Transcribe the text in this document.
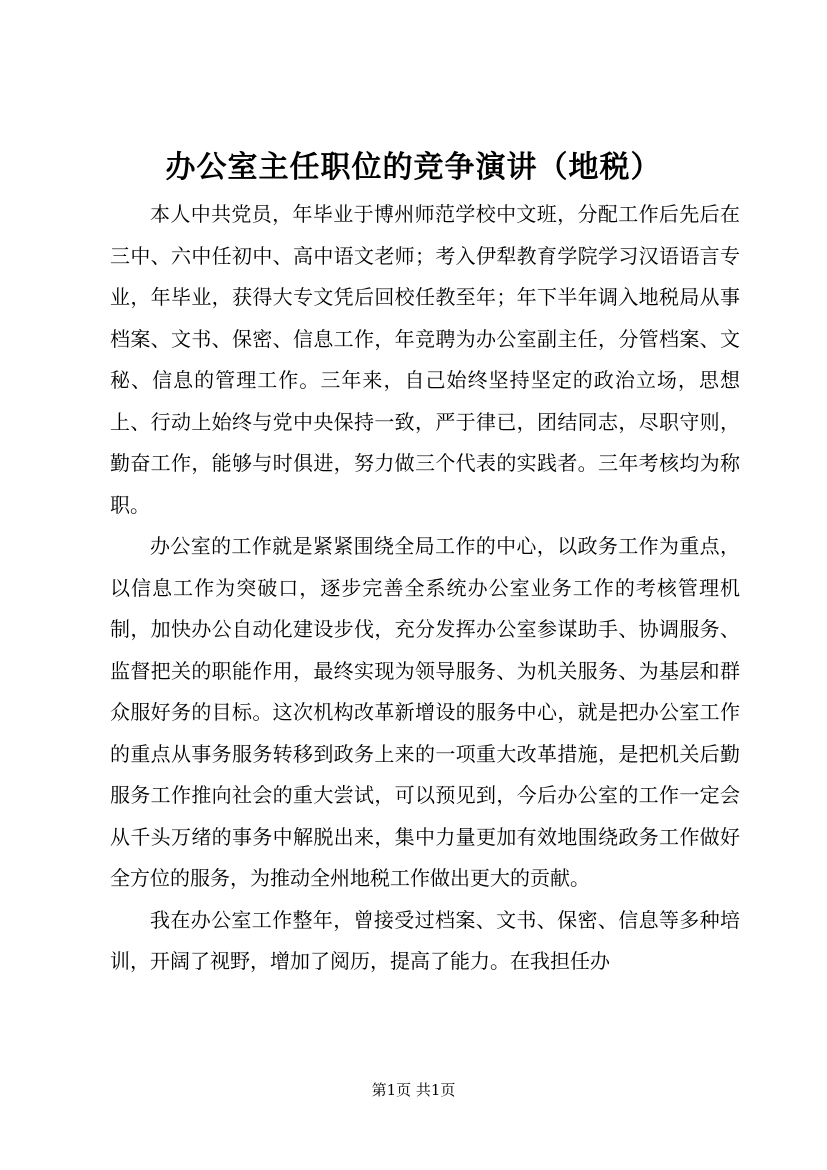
办公室主任职位的竞争演讲（地税）

本人中共党员，年毕业于博州师范学校中文班，分配工作后先后在三中、六中任初中、高中语文老师；考入伊犁教育学院学习汉语语言专业，年毕业，获得大专文凭后回校任教至年；年下半年调入地税局从事档案、文书、保密、信息工作，年竞聘为办公室副主任，分管档案、文秘、信息的管理工作。三年来，自己始终坚持坚定的政治立场，思想上、行动上始终与党中央保持一致，严于律已，团结同志，尽职守则，勤奋工作，能够与时俱进，努力做三个代表的实践者。三年考核均为称职。

办公室的工作就是紧紧围绕全局工作的中心，以政务工作为重点，以信息工作为突破口，逐步完善全系统办公室业务工作的考核管理机制，加快办公自动化建设步伐，充分发挥办公室参谋助手、协调服务、监督把关的职能作用，最终实现为领导服务、为机关服务、为基层和群众服好务的目标。这次机构改革新增设的服务中心，就是把办公室工作的重点从事务服务转移到政务上来的一项重大改革措施，是把机关后勤服务工作推向社会的重大尝试，可以预见到，今后办公室的工作一定会从千头万绪的事务中解脱出来，集中力量更加有效地围绕政务工作做好全方位的服务，为推动全州地税工作做出更大的贡献。

我在办公室工作整年，曾接受过档案、文书、保密、信息等多种培训，开阔了视野，增加了阅历，提高了能力。在我担任办

第1页 共1页
